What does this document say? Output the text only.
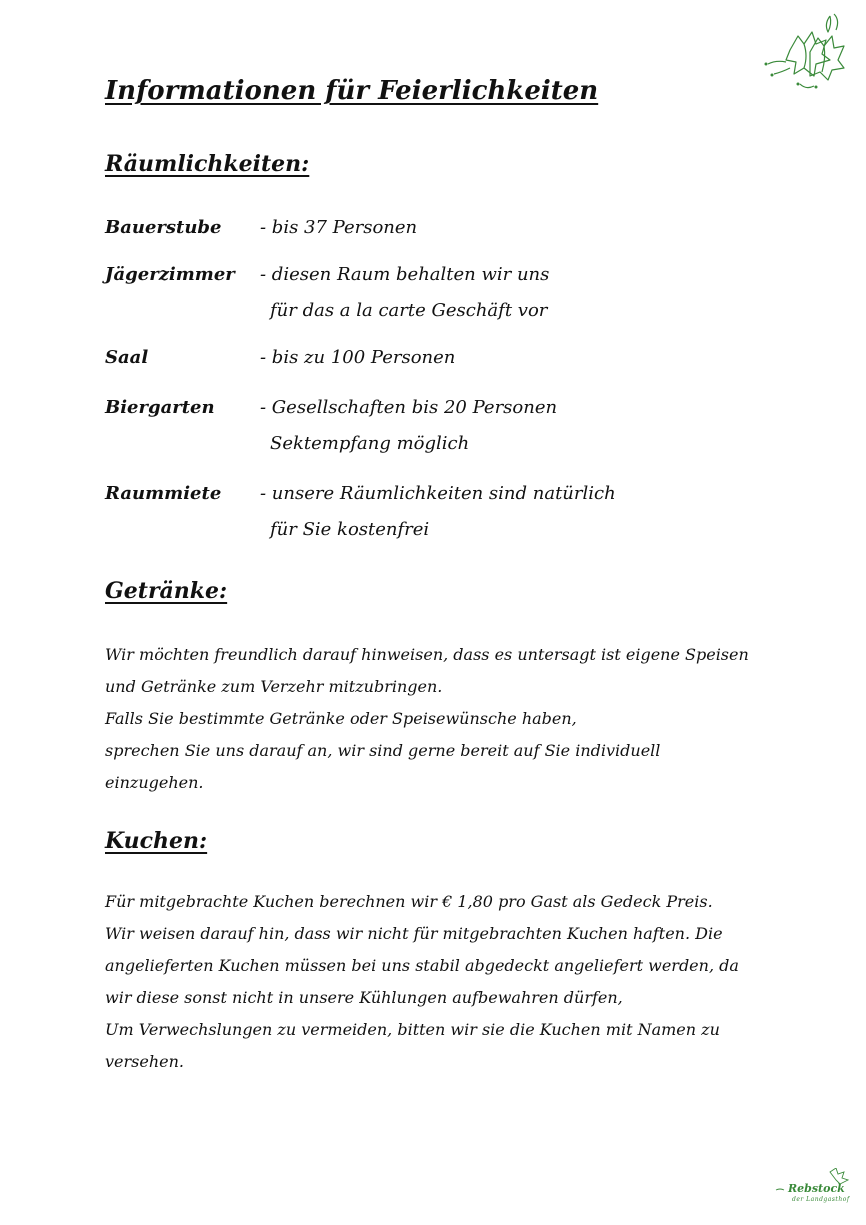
Informationen für Feierlichkeiten
Räumlichkeiten:
Bauerstube - bis 37 Personen
Jägerzimmer - diesen Raum behalten wir uns
für das a la carte Geschäft vor
Saal	- bis zu 100 Personen
Biergarten	- Gesellschaften bis 20 Personen
Sektempfang möglich
Raummiete - unsere Räumlichkeiten sind natürlich
für Sie kostenfrei
Getränke:

Wir möchten freundlich darauf hinweisen, dass es untersagt ist eigene Speisen
und Getränke zum Verzehr mitzubringen.
Falls Sie bestimmte Getränke oder Speisewünsche haben,
sprechen Sie uns darauf an, wir sind gerne bereit auf Sie individuell
einzugehen.

Kuchen:

Für mitgebrachte Kuchen berechnen wir € 1,80 pro Gast als Gedeck Preis.
Wir weisen darauf hin, dass wir nicht für mitgebrachten Kuchen haften. Die
angelieferten Kuchen müssen bei uns stabil abgedeckt angeliefert werden, da
wir diese sonst nicht in unsere Kühlungen aufbewahren dürfen,
Um Verwechslungen zu vermeiden, bitten wir sie die Kuchen mit Namen zu
versehen.

Rebstock
der Landgasthof
